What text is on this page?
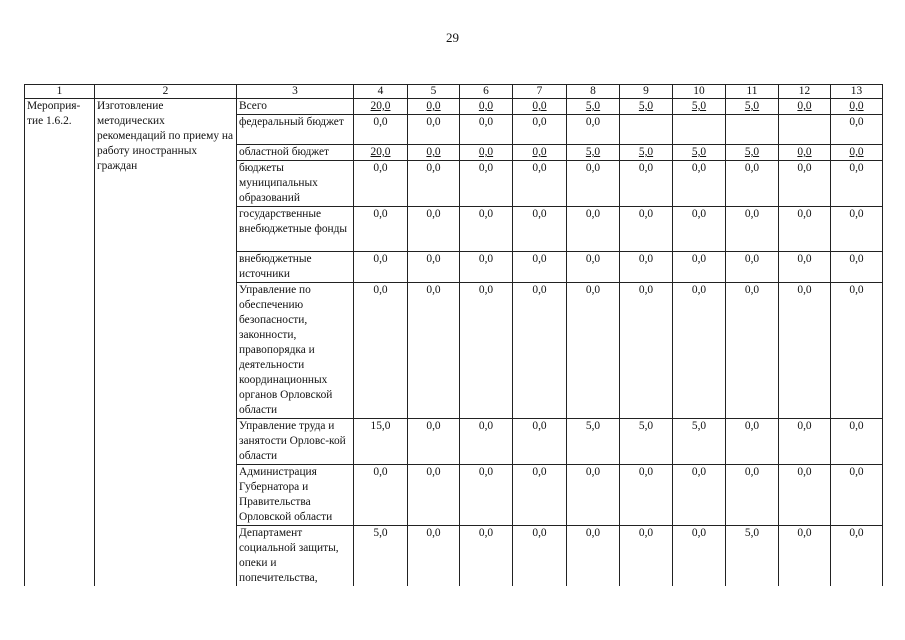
29
1	2	3	4	5	6	7	8	9	10	11	12	13
Мероприя-тие 1.6.2.	Изготовление методических рекомендаций по приему на работу иностранных граждан	Всего	20,0	0,0	0,0	0,0	5,0	5,0	5,0	5,0	0,0	0,0
		федеральный бюджет	0,0	0,0	0,0	0,0	0,0					0,0
		областной бюджет	20,0	0,0	0,0	0,0	5,0	5,0	5,0	5,0	0,0	0,0
		бюджеты муниципальных образований	0,0	0,0	0,0	0,0	0,0	0,0	0,0	0,0	0,0	0,0
		государственные внебюджетные фонды	0,0	0,0	0,0	0,0	0,0	0,0	0,0	0,0	0,0	0,0
		внебюджетные источники	0,0	0,0	0,0	0,0	0,0	0,0	0,0	0,0	0,0	0,0
		Управление по обеспечению безопасности, законности, правопорядка и деятельности координационных органов Орловской области	0,0	0,0	0,0	0,0	0,0	0,0	0,0	0,0	0,0	0,0
		Управление труда и занятости Орловс-кой области	15,0	0,0	0,0	0,0	5,0	5,0	5,0	0,0	0,0	0,0
		Администрация Губернатора и Правительства Орловской области	0,0	0,0	0,0	0,0	0,0	0,0	0,0	0,0	0,0	0,0
		Департамент социальной защиты, опеки и попечительства,	5,0	0,0	0,0	0,0	0,0	0,0	0,0	5,0	0,0	0,0
